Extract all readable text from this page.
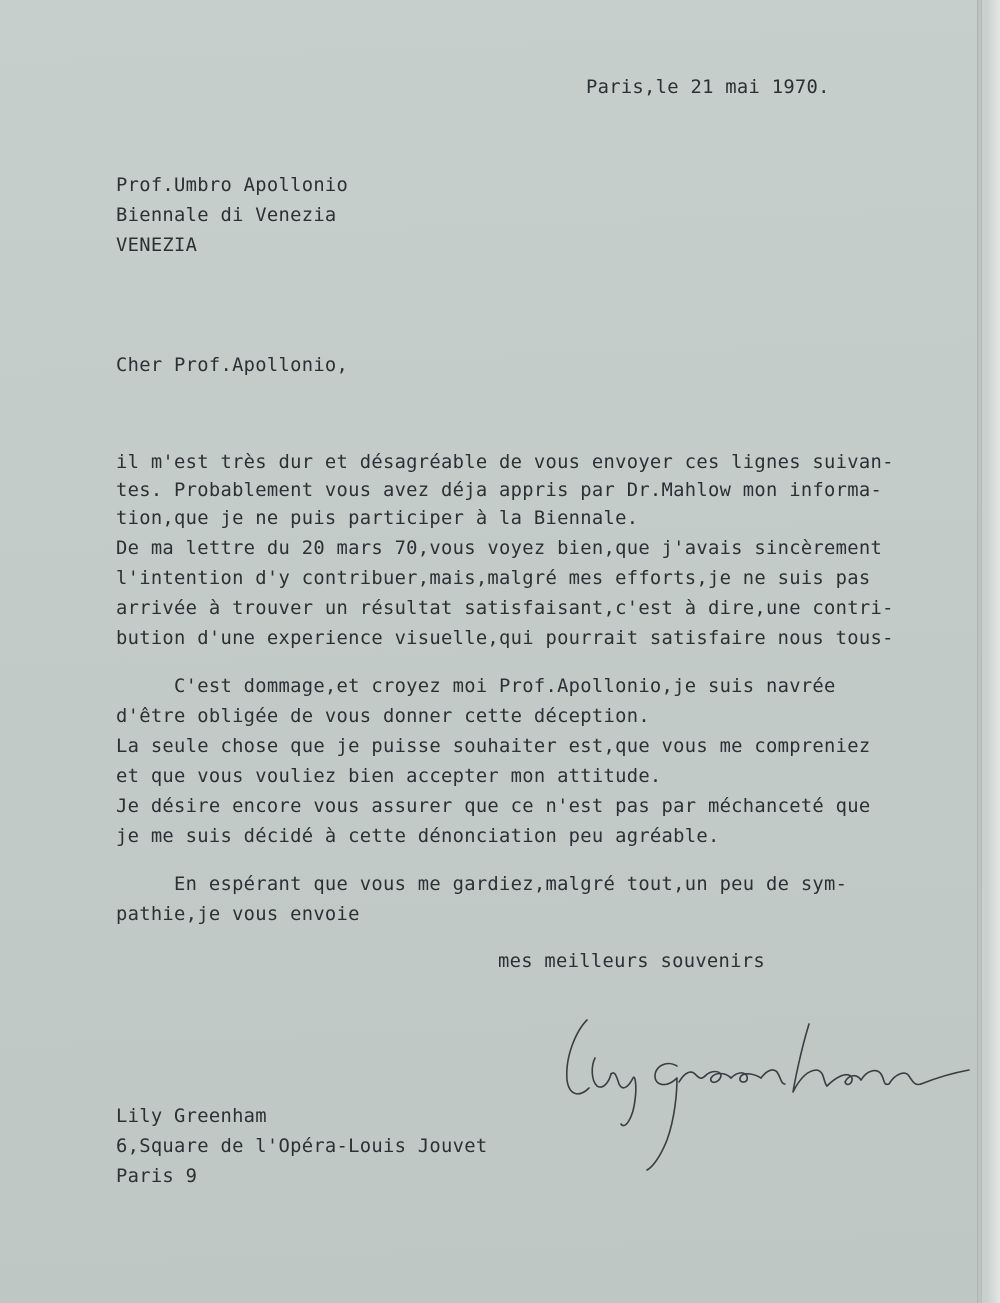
Paris,le 21 mai 1970.

Prof.Umbro Apollonio

Biennale di Venezia

VENEZIA

Cher Prof.Apollonio,

il m'est très dur et désagréable de vous envoyer ces lignes suivan-

tes. Probablement vous avez déja appris par Dr.Mahlow mon informa-

tion,que je ne puis participer à la Biennale.

De ma lettre du 20 mars 70,vous voyez bien,que j'avais sincèrement

l'intention d'y contribuer,mais,malgré mes efforts,je ne suis pas

arrivée à trouver un résultat satisfaisant,c'est à dire,une contri-

bution d'une experience visuelle,qui pourrait satisfaire nous tous-

C'est dommage,et croyez moi Prof.Apollonio,je suis navrée

d'être obligée de vous donner cette déception.

La seule chose que je puisse souhaiter est,que vous me compreniez

et que vous vouliez bien accepter mon attitude.

Je désire encore vous assurer que ce n'est pas par méchanceté que

je me suis décidé à cette dénonciation peu agréable.

En espérant que vous me gardiez,malgré tout,un peu de sym-

pathie,je vous envoie

mes meilleurs souvenirs

Lily Greenham

6,Square de l'Opéra-Louis Jouvet

Paris 9
